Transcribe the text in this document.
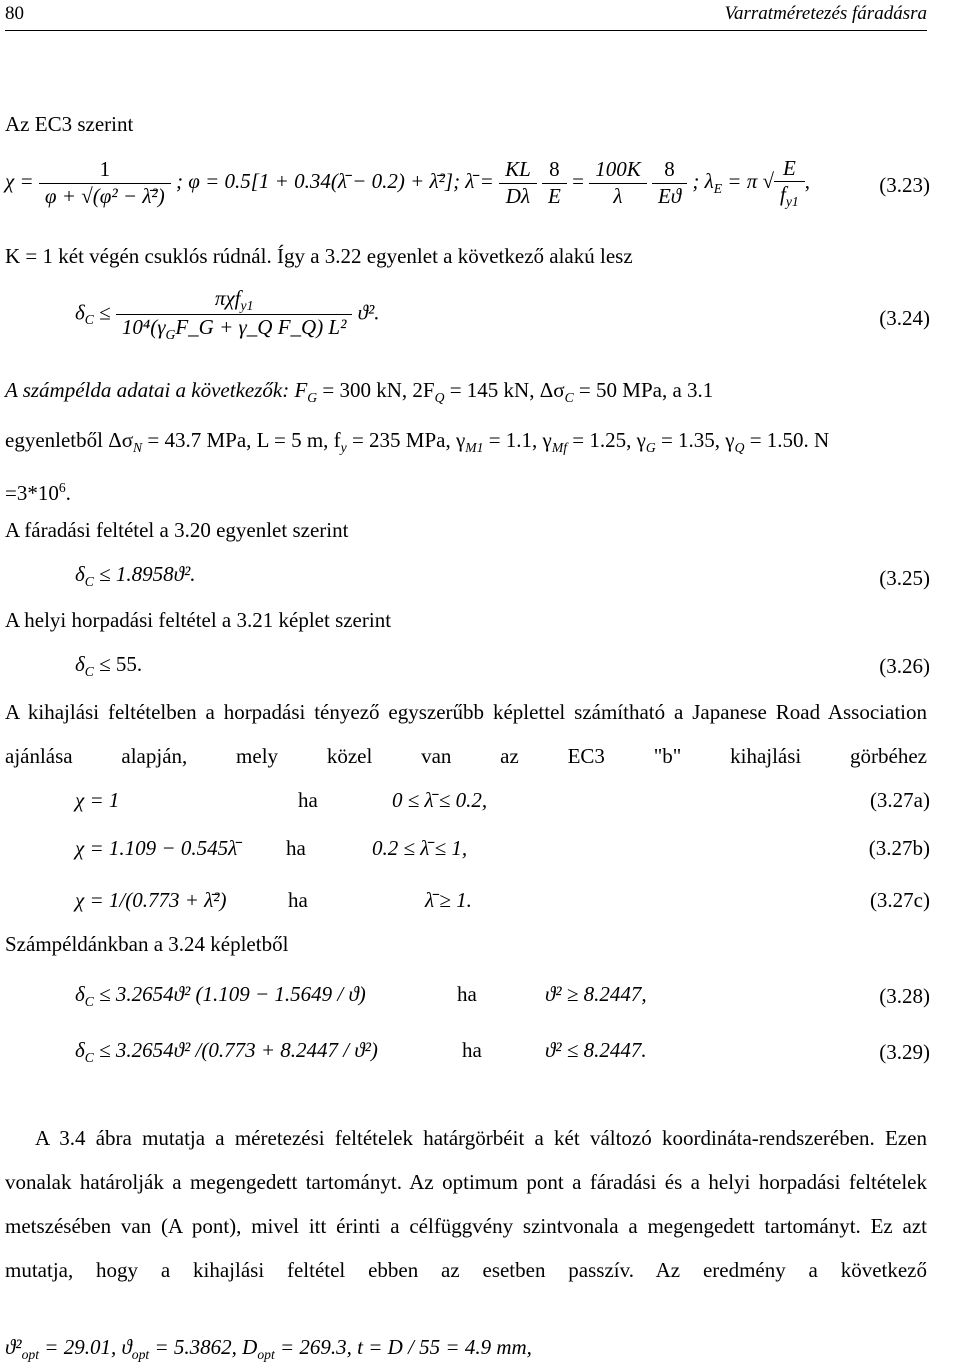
80	Varratméretezés fáradásra
Az EC3 szerint
$\chi = \frac{1}{\text{φ + √(φ² − λ̄²)}}$ ; φ = 0.5[1 + 0.34(λ̄ − 0.2) + λ̄²]; λ̄ = $\frac{KL}{D\lambda}$
$\frac{8}{E} = \frac{100K}{\lambda}$
$\frac{8}{Eϑ}$ ; $\lambda_E = \pi$ √ $\frac{E}{f_{y1}}$ ,	(3.23)
K = 1 két végén csuklós rúdnál. Így a 3.22 egyenlet a következő alakú lesz
$\delta_C \le \frac{\pi\chi f_{y1}}{10^4(\gamma_GF\_G + \gamma\_Q F\_Q) L^2} ϑ^2$.	(3.24)
A számpélda adatai a következők: $F_G = 300$ kN, $2F_Q = 145$ kN, $\Delta\sigma_C = 50$ MPa, a 3.1
egyenletből $\Delta\sigma_N = 43.7$ MPa, L = 5 m, $f_y = 235$ MPa, $\gamma_{M1} = 1.1$, $\gamma_{Mf} = 1.25$, $\gamma_G = 1.35$, $\gamma_Q = 1.50$. N
$=3*10^6$.
A fáradási feltétel a 3.20 egyenlet szerint
$\delta_C \le 1.8958ϑ^2$.	(3.25)
A helyi horpadási feltétel a 3.21 képlet szerint
$\delta_C \le 55$.	(3.26)
A kihajlási feltételben a horpadási tényező egyszerűbb képlettel számítható a Japanese Road Association ajánlása alapján, mely közel van az EC3 "b" kihajlási görbéhez
χ = 1	ha	0 ≤ λ̄ ≤ 0.2,	(3.27a)
χ = 1.109 − 0.545λ̄ ha	0.2 ≤ λ̄ ≤ 1,	(3.27b)
χ = 1/(0.773 + λ̄²)	ha	λ̄ ≥ 1.	(3.27c)
Számpéldánkban a 3.24 képletből
$\delta_C \le 3.2654ϑ^2$ (1.109 − 1.5649 / ϑ)	ha	ϑ² ≥ 8.2447,	(3.28)
$\delta_C \le 3.2654ϑ^2$ /(0.773 + 8.2447 / ϑ²)	ha	ϑ² ≤ 8.2447.	(3.29)
A 3.4 ábra mutatja a méretezési feltételek határgörbéit a két változó koordináta-rendszerében. Ezen vonalak határolják a megengedett tartományt. Az optimum pont a fáradási és a helyi horpadási feltételek metszésében van (A pont), mivel itt érinti a célfüggvény szintvonala a megengedett tartományt. Ez azt mutatja, hogy a kihajlási feltétel ebben az esetben passzív. Az eredmény a következő
$ϑ^2_{opt} = 29.01$, $ϑ_{opt} = 5.3862$, $D_{opt} = 269.3$, t = D / 55 = 4.9 mm,
